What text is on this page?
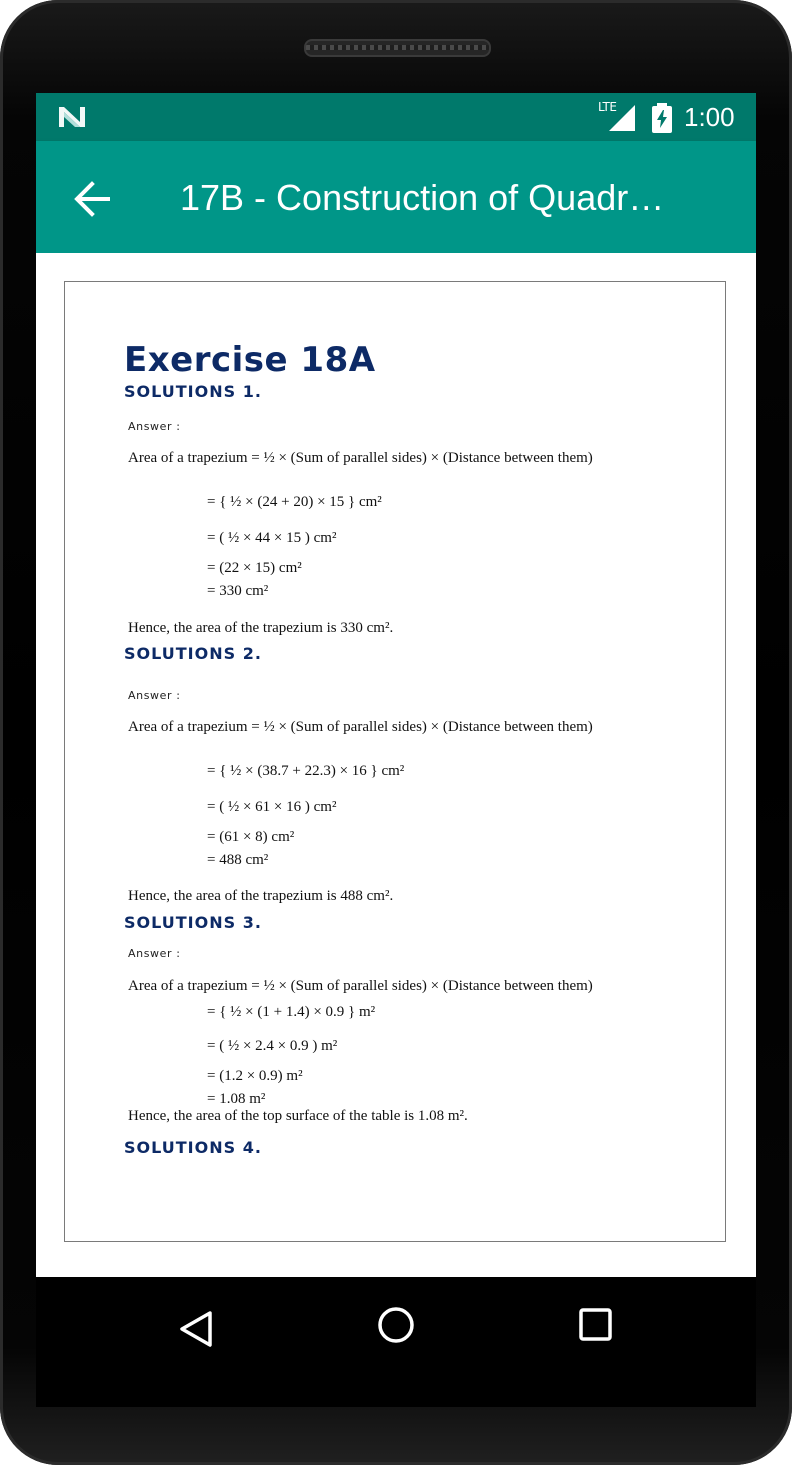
LTE	1:00
17B - Construction of Quadr…
Exercise 18A
SOLUTIONS 1.
Answer :
Area of a trapezium = ½ × (Sum of parallel sides) × (Distance between them)
= { ½ × (24 + 20) × 15 } cm²
= ( ½ × 44 × 15 ) cm²
= (22 × 15) cm²
= 330 cm²
Hence, the area of the trapezium is 330 cm².
SOLUTIONS 2.
Answer :
Area of a trapezium = ½ × (Sum of parallel sides) × (Distance between them)
= { ½ × (38.7 + 22.3) × 16 } cm²
= ( ½ × 61 × 16 ) cm²
= (61 × 8) cm²
= 488 cm²
Hence, the area of the trapezium is 488 cm².
SOLUTIONS 3.
Answer :
Area of a trapezium = ½ × (Sum of parallel sides) × (Distance between them)
= { ½ × (1 + 1.4) × 0.9 } m²
= ( ½ × 2.4 × 0.9 ) m²
= (1.2 × 0.9) m²
= 1.08 m²
Hence, the area of the top surface of the table is 1.08 m².
SOLUTIONS 4.
